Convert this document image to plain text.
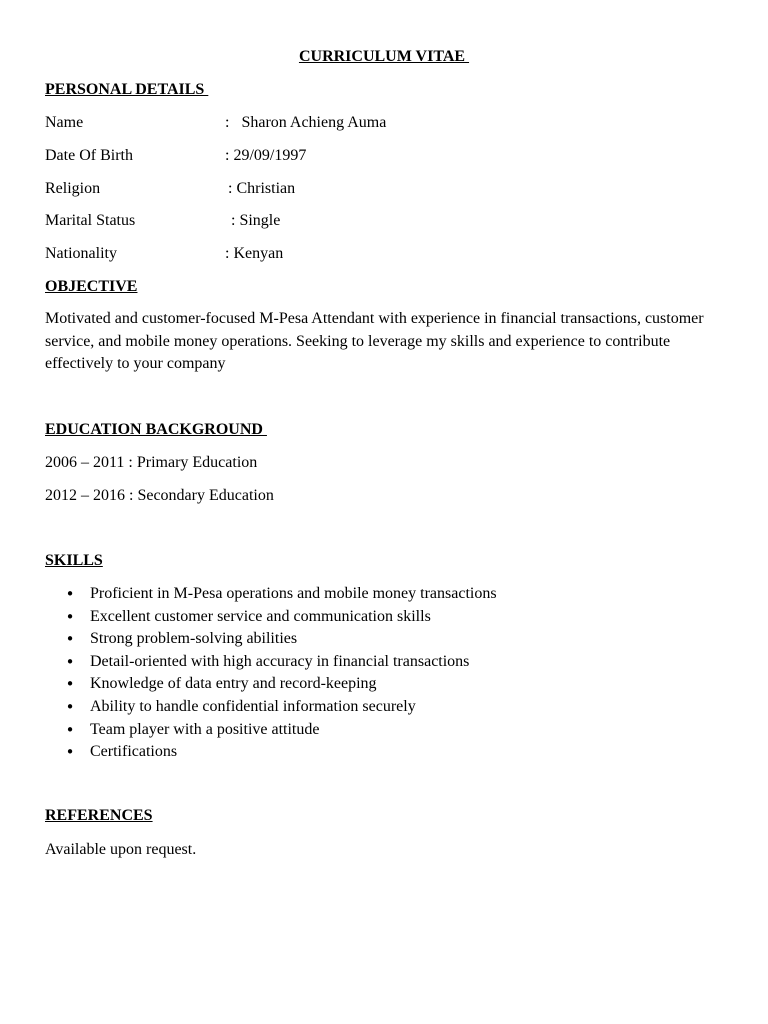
CURRICULUM VITAE
PERSONAL DETAILS
Name	:   Sharon Achieng Auma
Date Of Birth	: 29/09/1997
Religion	: Christian
Marital Status	: Single
Nationality	: Kenyan
OBJECTIVE
Motivated and customer-focused M-Pesa Attendant with experience in financial transactions, customer service, and mobile money operations. Seeking to leverage my skills and experience to contribute effectively to your company
EDUCATION BACKGROUND
2006 – 2011 : Primary Education
2012 – 2016 : Secondary Education
SKILLS
• Proficient in M-Pesa operations and mobile money transactions
• Excellent customer service and communication skills
• Strong problem-solving abilities
• Detail-oriented with high accuracy in financial transactions
• Knowledge of data entry and record-keeping
• Ability to handle confidential information securely
• Team player with a positive attitude
• Certifications
REFERENCES
Available upon request.
